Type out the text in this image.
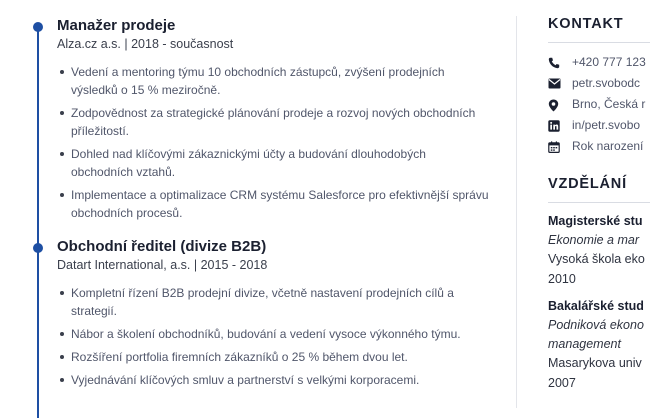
Manažer prodeje
Alza.cz a.s. | 2018 - současnost
Vedení a mentoring týmu 10 obchodních zástupců, zvýšení prodejních výsledků o 15 % meziročně.
Zodpovědnost za strategické plánování prodeje a rozvoj nových obchodních příležitostí.
Dohled nad klíčovými zákaznickými účty a budování dlouhodobých obchodních vztahů.
Implementace a optimalizace CRM systému Salesforce pro efektivnější správu obchodních procesů.
Obchodní ředitel (divize B2B)
Datart International, a.s. | 2015 - 2018
Kompletní řízení B2B prodejní divize, včetně nastavení prodejních cílů a strategií.
Nábor a školení obchodníků, budování a vedení vysoce výkonného týmu.
Rozšíření portfolia firemních zákazníků o 25 % během dvou let.
Vyjednávání klíčových smluv a partnerství s velkými korporacemi.
KONTAKT
+420 777 123
petr.svobodc
Brno, Česká r
in/petr.svobo
Rok narození
VZDĚLÁNÍ
Magisterské stu
Ekonomie a mar
Vysoká škola eko
2010
Bakalářské stud
Podniková ekono
management
Masarykova univ
2007
